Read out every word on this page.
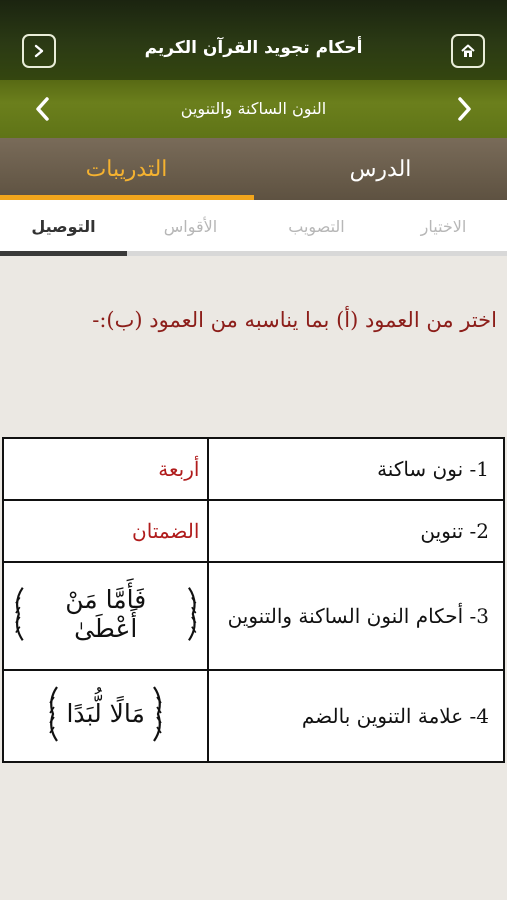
أحكام تجويد القرآن الكريم
النون الساكنة والتنوين
الدرس
التدريبات
الاختيار
التصويب
الأقواس
التوصيل
اختر من العمود (أ) بما يناسبه من العمود (ب):-
أربعة	1- نون ساكنة
الضمتان	2- تنوين

فَأَمَّا مَنْ أَعْطَىٰ	3- أحكام النون الساكنة والتنوين

مَالًا لُّبَدًا	4- علامة التنوين بالضم
